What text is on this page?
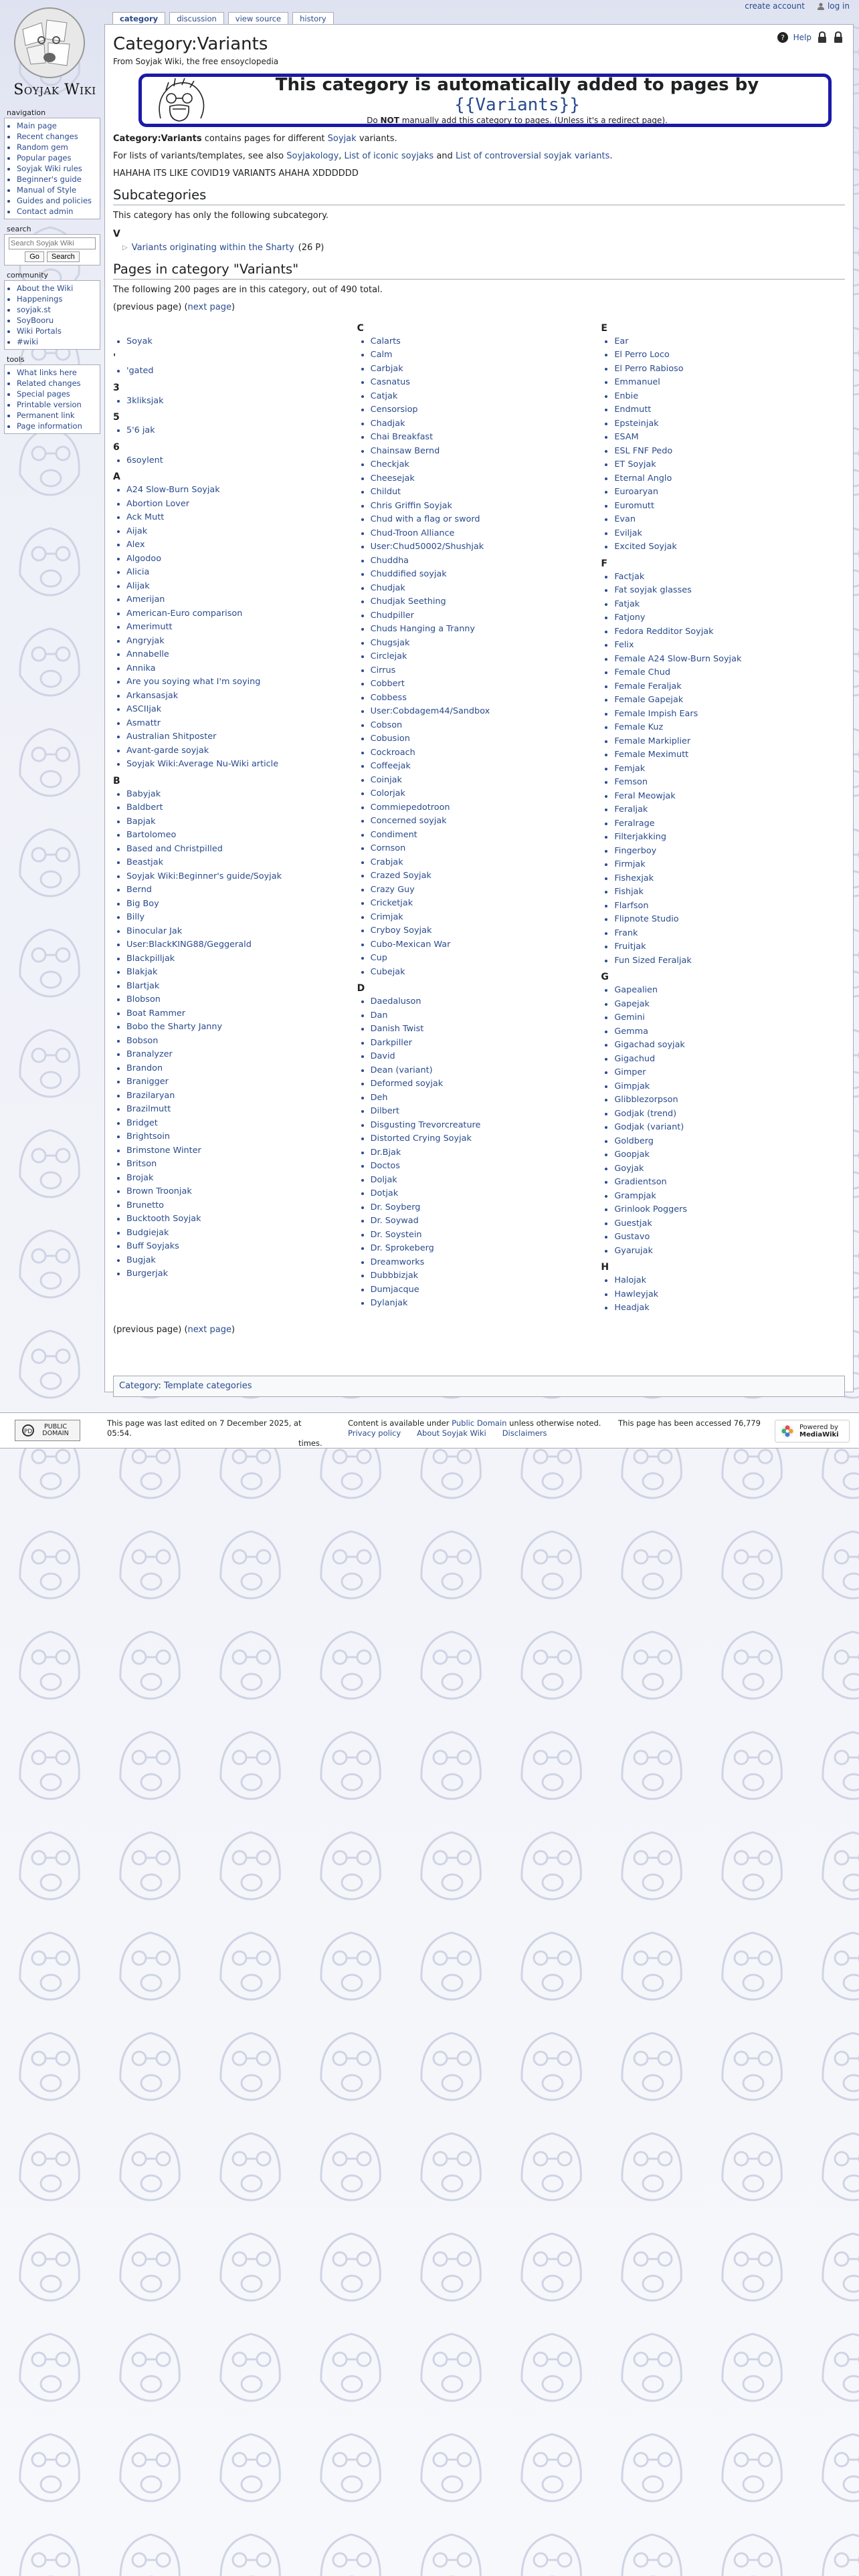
create account	log in
Soyjak Wiki
navigation
• Main page
• Recent changes
• Random gem
• Popular pages
• Soyjak Wiki rules
• Beginner's guide
• Manual of Style
• Guides and policies
• Contact admin
search
Search Soyjak Wiki
Go	Search
community
• About the Wiki
• Happenings
• soyjak.st
• SoyBooru
• Wiki Portals
• #wiki
tools
• What links here
• Related changes
• Special pages
• Printable version
• Permanent link
• Page information
category	discussion	view source	history
? Help
Category:Variants
From Soyjak Wiki, the free ensoyclopedia
This category is automatically added to pages by {{Variants}}
Do NOT manually add this category to pages. (Unless it's a redirect page).

Category:Variants contains pages for different Soyjak variants.

For lists of variants/templates, see also Soyjakology, List of iconic soyjaks and List of controversial soyjak variants.

HAHAHA ITS LIKE COVID19 VARIANTS AHAHA XDDDDDD

Subcategories

This category has only the following subcategory.

V
▷ Variants originating within the Sharty (26 P)
Pages in category "Variants"

The following 200 pages are in this category, out of 490 total.

(previous page) (next page)

• Soyak
'
• 'gated
3
• 3kliksjak
5
• 5'6 jak
6
• 6soylent
A
• A24 Slow-Burn Soyjak
• Abortion Lover
• Ack Mutt
• Aijak
• Alex
• Algodoo
• Alicia
• Alijak
• Amerijan
• American-Euro comparison
• Amerimutt
• Angryjak
• Annabelle
• Annika
• Are you soying what I'm soying
• Arkansasjak
• ASCIIjak
• Asmattr
• Australian Shitposter
• Avant-garde soyjak
• Soyjak Wiki:Average Nu-Wiki article
B
• Babyjak
• Baldbert
• Bapjak
• Bartolomeo
• Based and Christpilled
• Beastjak
• Soyjak Wiki:Beginner's guide/Soyjak
• Bernd
• Big Boy
• Billy
• Binocular Jak
• User:BlackKING88/Geggerald
• Blackpilljak
• Blakjak
• Blartjak
• Blobson
• Boat Rammer
• Bobo the Sharty Janny
• Bobson
• Branalyzer
• Brandon
• Branigger
• Brazilaryan
• Brazilmutt
• Bridget
• Brightsoin
• Brimstone Winter
• Britson
• Brojak
• Brown Troonjak
• Brunetto
• Bucktooth Soyjak
• Budgiejak
• Buff Soyjaks
• Bugjak
• Burgerjak
C
• Calarts
• Calm
• Carbjak
• Casnatus
• Catjak
• Censorsiop
• Chadjak
• Chai Breakfast
• Chainsaw Bernd
• Checkjak
• Cheesejak
• Childut
• Chris Griffin Soyjak
• Chud with a flag or sword
• Chud-Troon Alliance
• User:Chud50002/Shushjak
• Chuddha
• Chuddified soyjak
• Chudjak
• Chudjak Seething
• Chudpiller
• Chuds Hanging a Tranny
• Chugsjak
• Circlejak
• Cirrus
• Cobbert
• Cobbess
• User:Cobdagem44/Sandbox
• Cobson
• Cobusion
• Cockroach
• Coffeejak
• Coinjak
• Colorjak
• Commiepedotroon
• Concerned soyjak
• Condiment
• Cornson
• Crabjak
• Crazed Soyjak
• Crazy Guy
• Cricketjak
• Crimjak
• Cryboy Soyjak
• Cubo-Mexican War
• Cup
• Cubejak
D
• Daedaluson
• Dan
• Danish Twist
• Darkpiller
• David
• Dean (variant)
• Deformed soyjak
• Deh
• Dilbert
• Disgusting Trevorcreature
• Distorted Crying Soyjak
• Dr.Bjak
• Doctos
• Doljak
• Dotjak
• Dr. Soyberg
• Dr. Soywad
• Dr. Soystein
• Dr. Sprokeberg
• Dreamworks
• Dubbbizjak
• Dumjacque
• Dylanjak
E
• Ear
• El Perro Loco
• El Perro Rabioso
• Emmanuel
• Enbie
• Endmutt
• Epsteinjak
• ESAM
• ESL FNF Pedo
• ET Soyjak
• Eternal Anglo
• Euroaryan
• Euromutt
• Evan
• Eviljak
• Excited Soyjak
F
• Factjak
• Fat soyjak glasses
• Fatjak
• Fatjony
• Fedora Redditor Soyjak
• Felix
• Female A24 Slow-Burn Soyjak
• Female Chud
• Female Feraljak
• Female Gapejak
• Female Impish Ears
• Female Kuz
• Female Markiplier
• Female Meximutt
• Femjak
• Femson
• Feral Meowjak
• Feraljak
• Feralrage
• Filterjakking
• Fingerboy
• Firmjak
• Fishexjak
• Fishjak
• Flarfson
• Flipnote Studio
• Frank
• Fruitjak
• Fun Sized Feraljak
G
• Gapealien
• Gapejak
• Gemini
• Gemma
• Gigachad soyjak
• Gigachud
• Gimper
• Gimpjak
• Glibblezorpson
• Godjak (trend)
• Godjak (variant)
• Goldberg
• Goopjak
• Goyjak
• Gradientson
• Grampjak
• Grinlook Poggers
• Guestjak
• Gustavo
• Gyarujak
H
• Halojak
• Hawleyjak
• Headjak

(previous page) (next page)

Category: Template categories
PD
PUBLIC DOMAIN
This page was last edited on 7 December 2025, at 05:54.
times.
Content is available under Public Domain unless otherwise noted.
Privacy policy About Soyjak Wiki Disclaimers
This page has been accessed 76,779	Powered by
MediaWiki
